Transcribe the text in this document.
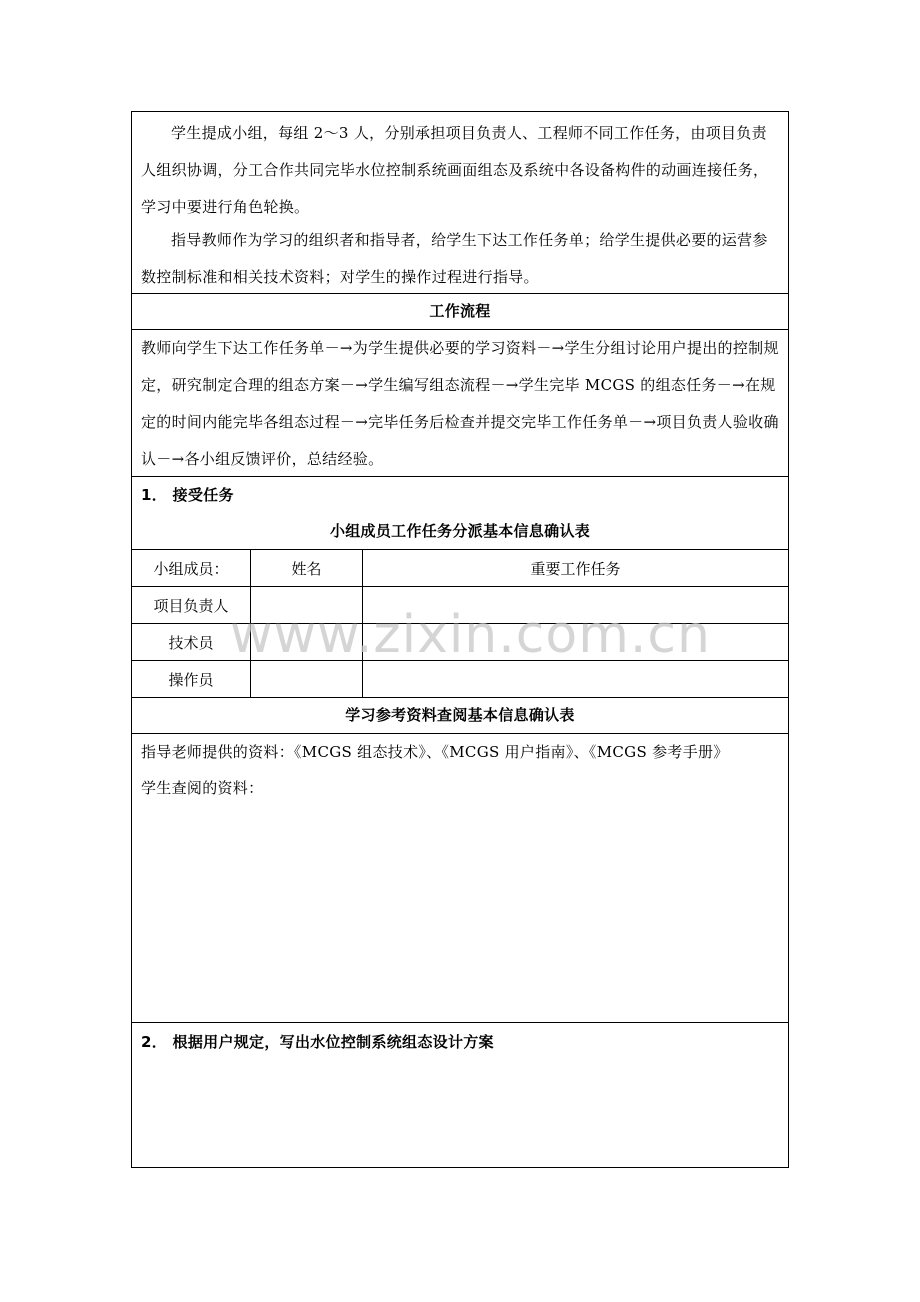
学生提成小组，每组 2～3 人，分别承担项目负责人、工程师不同工作任务，由项目负责人组织协调，分工合作共同完毕水位控制系统画面组态及系统中各设备构件的动画连接任务，学习中要进行角色轮换。
指导教师作为学习的组织者和指导者，给学生下达工作任务单；给学生提供必要的运营参数控制标准和相关技术资料；对学生的操作过程进行指导。
工作流程
教师向学生下达工作任务单－→为学生提供必要的学习资料－→学生分组讨论用户提出的控制规定，研究制定合理的组态方案－→学生编写组态流程－→学生完毕 MCGS 的组态任务－→在规定的时间内能完毕各组态过程－→完毕任务后检查并提交完毕工作任务单－→项目负责人验收确认－→各小组反馈评价，总结经验。
1． 接受任务
小组成员工作任务分派基本信息确认表
小组成员：	姓名	重要工作任务
项目负责人
技术员
操作员
学习参考资料查阅基本信息确认表
指导老师提供的资料：《MCGS 组态技术》、《MCGS 用户指南》、《MCGS 参考手册》
学生查阅的资料：
2． 根据用户规定，写出水位控制系统组态设计方案
www.zixin.com.cn
